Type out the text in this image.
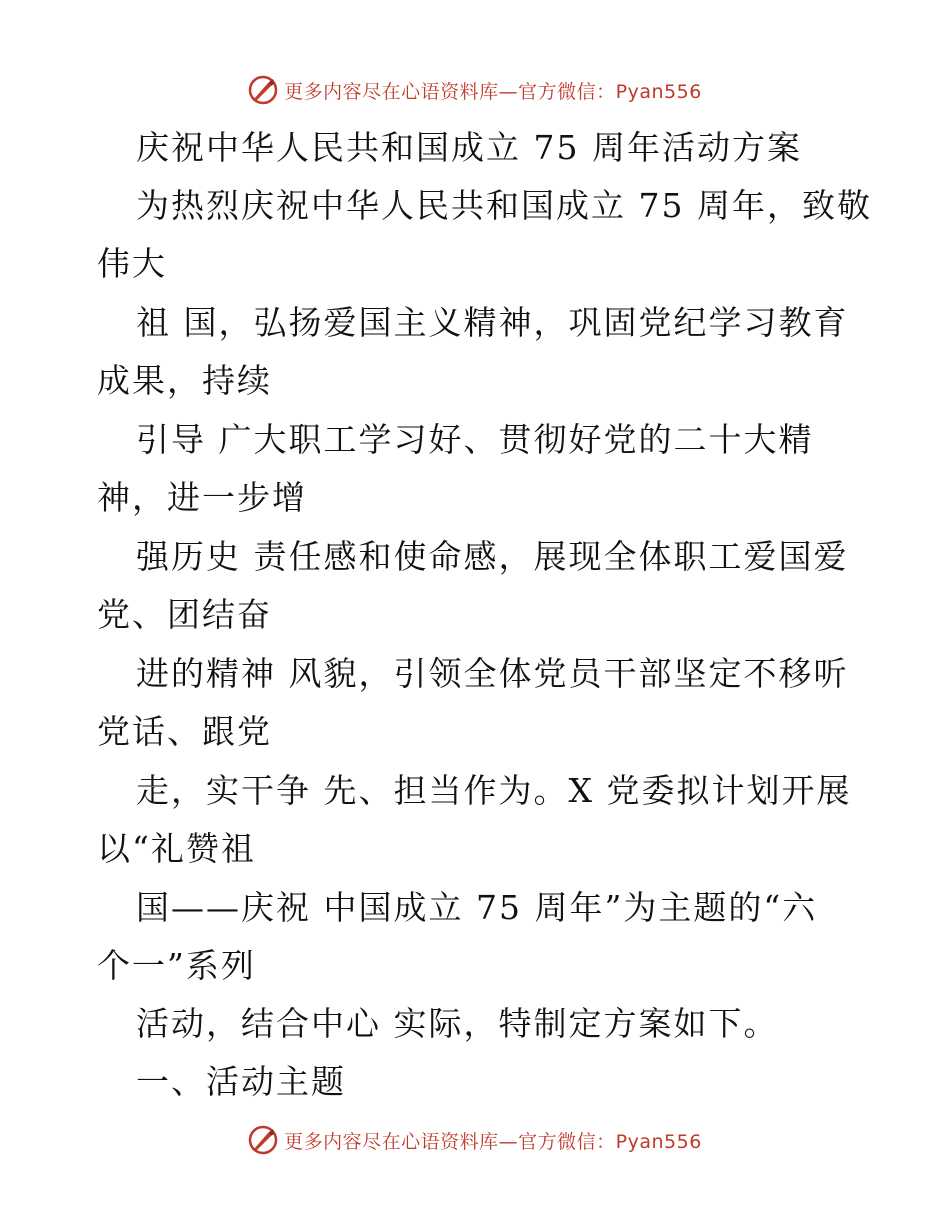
更多内容尽在心语资料库—官方微信：Pyan556
庆祝中华人民共和国成立 75 周年活动方案
为热烈庆祝中华人民共和国成立 75 周年，致敬
伟大
祖 国，弘扬爱国主义精神，巩固党纪学习教育
成果，持续
引导 广大职工学习好、贯彻好党的二十大精
神，进一步增
强历史 责任感和使命感，展现全体职工爱国爱
党、团结奋
进的精神 风貌，引领全体党员干部坚定不移听
党话、跟党
走，实干争 先、担当作为。X 党委拟计划开展
以“礼赞祖
国——庆祝 中国成立 75 周年”为主题的“六
个一”系列
活动，结合中心 实际，特制定方案如下。
一、活动主题
更多内容尽在心语资料库—官方微信：Pyan556
